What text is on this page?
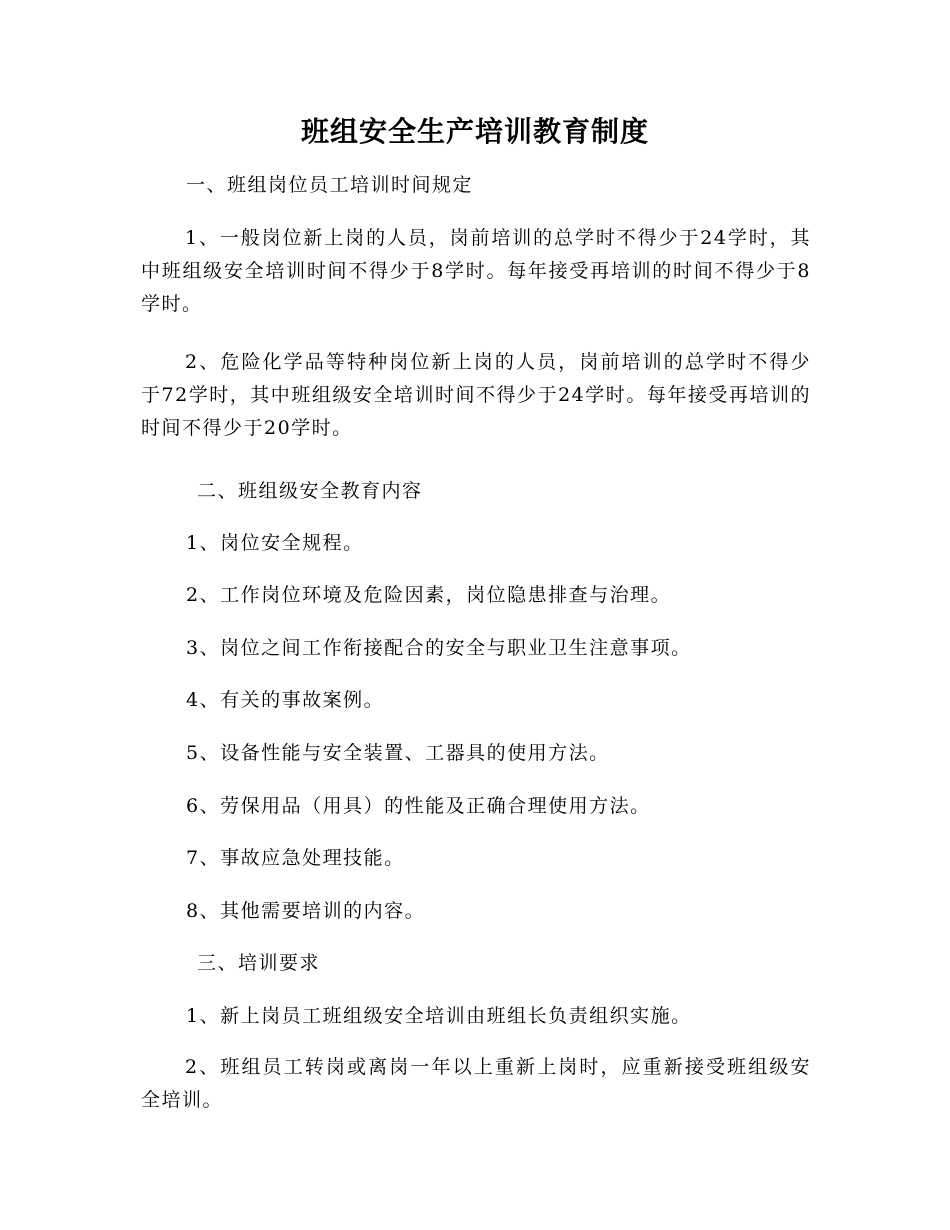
班组安全生产培训教育制度
一、班组岗位员工培训时间规定
1、一般岗位新上岗的人员，岗前培训的总学时不得少于24学时，其中班组级安全培训时间不得少于8学时。每年接受再培训的时间不得少于8学时。
2、危险化学品等特种岗位新上岗的人员，岗前培训的总学时不得少于72学时，其中班组级安全培训时间不得少于24学时。每年接受再培训的时间不得少于20学时。
二、班组级安全教育内容
1、岗位安全规程。
2、工作岗位环境及危险因素，岗位隐患排查与治理。
3、岗位之间工作衔接配合的安全与职业卫生注意事项。
4、有关的事故案例。
5、设备性能与安全装置、工器具的使用方法。
6、劳保用品（用具）的性能及正确合理使用方法。
7、事故应急处理技能。
8、其他需要培训的内容。
三、培训要求
1、新上岗员工班组级安全培训由班组长负责组织实施。
2、班组员工转岗或离岗一年以上重新上岗时，应重新接受班组级安全培训。
